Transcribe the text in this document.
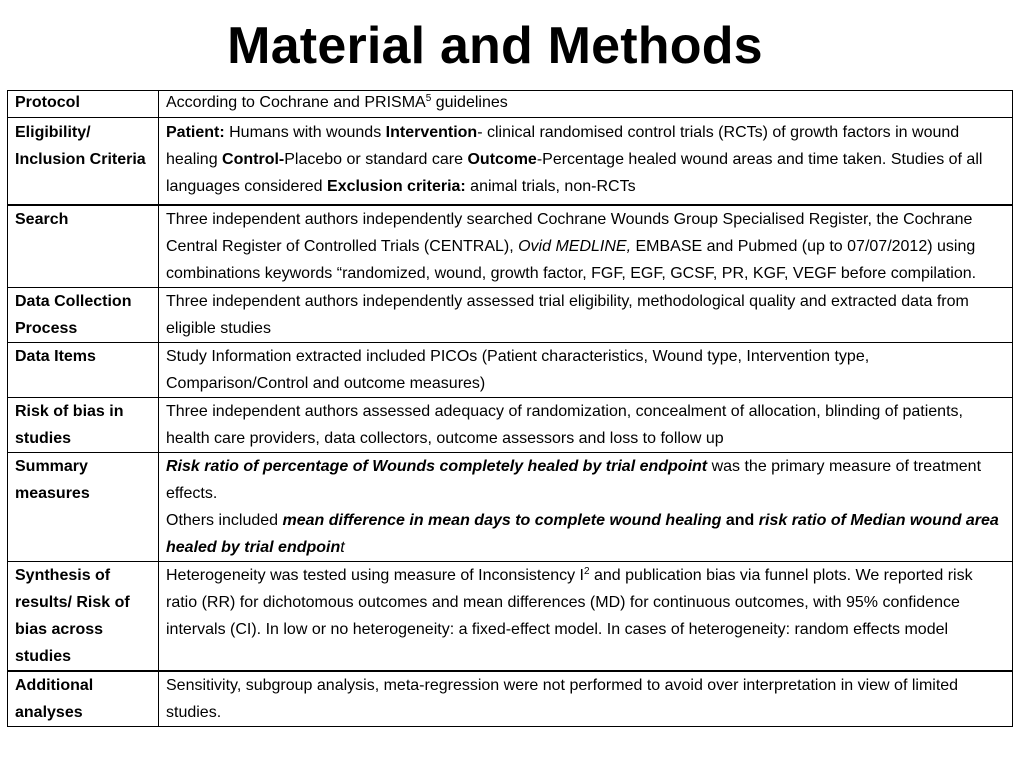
Material and Methods
Protocol	According to Cochrane and PRISMA$^5$ guidelines
Eligibility/ Inclusion Criteria	Patient: Humans with wounds Intervention- clinical randomised control trials (RCTs) of growth factors in wound healing Control-Placebo or standard care Outcome-Percentage healed wound areas and time taken. Studies of all languages considered Exclusion criteria: animal trials, non-RCTs
Search	Three independent authors independently searched Cochrane Wounds Group Specialised Register, the Cochrane Central Register of Controlled Trials (CENTRAL), Ovid MEDLINE, EMBASE and Pubmed (up to 07/07/2012) using combinations keywords “randomized, wound, growth factor, FGF, EGF, GCSF, PR, KGF, VEGF before compilation.
Data Collection Process	Three independent authors independently assessed trial eligibility, methodological quality and extracted data from eligible studies
Data Items	Study Information extracted included PICOs (Patient characteristics, Wound type, Intervention type, Comparison/Control and outcome measures)
Risk of bias in studies	Three independent authors assessed adequacy of randomization, concealment of allocation, blinding of patients, health care providers, data collectors, outcome assessors and loss to follow up
Summary measures	Risk ratio of percentage of Wounds completely healed by trial endpoint was the primary measure of treatment effects.
Others included mean difference in mean days to complete wound healing and risk ratio of Median wound area healed by trial endpoint
Synthesis of results/ Risk of bias across studies	Heterogeneity was tested using measure of Inconsistency $I^2$ and publication bias via funnel plots. We reported risk ratio (RR) for dichotomous outcomes and mean differences (MD) for continuous outcomes, with 95% confidence intervals (CI). In low or no heterogeneity: a fixed-effect model. In cases of heterogeneity: random effects model
Additional analyses	Sensitivity, subgroup analysis, meta-regression were not performed to avoid over interpretation in view of limited studies.
